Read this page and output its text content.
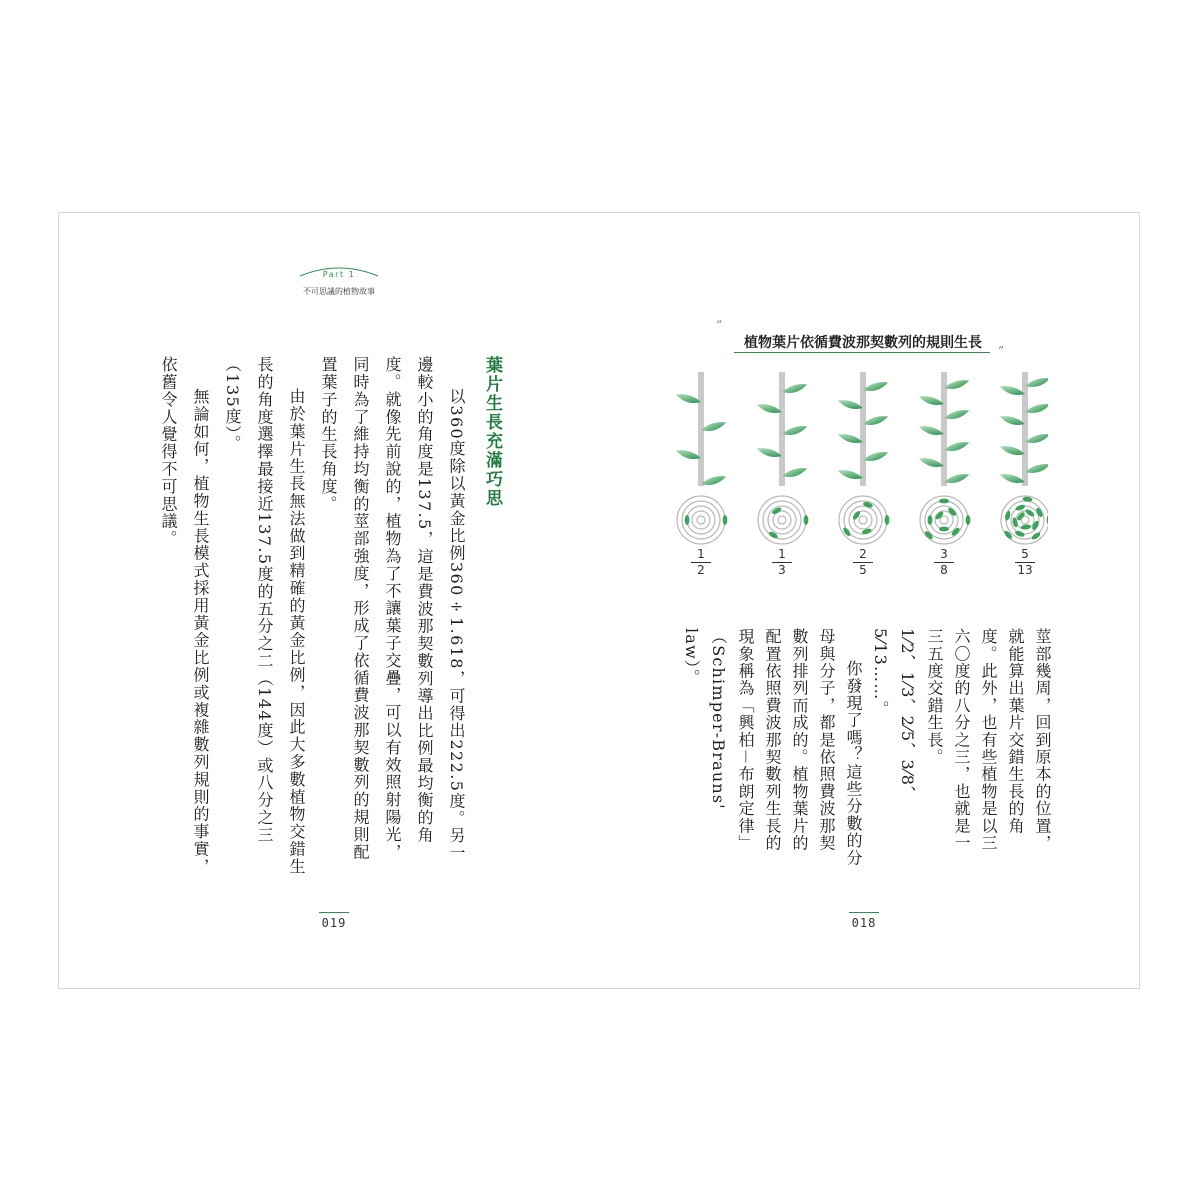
Part 1
不可思議的植物故事
葉片生長充滿巧思

以360度除以黃金比例360÷1.618，可得出222.5度。另一邊較小的角度是137.5，這是費波那契數列導出比例最均衡的角度。就像先前說的，植物為了不讓葉子交疊，可以有效照射陽光，同時為了維持均衡的莖部強度，形成了依循費波那契數列的規則配置葉子的生長角度。

由於葉片生長無法做到精確的黃金比例，因此大多數植物交錯生長的角度選擇最接近137.5度的五分之二（144度）或八分之三（135度）。

無論如何，植物生長模式採用黃金比例或複雜數列規則的事實，依舊令人覺得不可思議。

019	018
“
植物葉片依循費波那契數列的規則生長	”
1
2
1
3
2
5
3
8
5
13

莖部幾周，回到原本的位置，就能算出葉片交錯生長的角度。此外，也有些植物是以三六〇度的八分之三，也就是一三五度交錯生長。

1⁄2、1⁄3、2⁄5、3⁄8、5⁄13……。

你發現了嗎？這些分數的分母與分子，都是依照費波那契數列排列而成的。植物葉片的配置依照費波那契數列生長的現象稱為「興柏－布朗定律」（Schimper-Brauns' law）。
